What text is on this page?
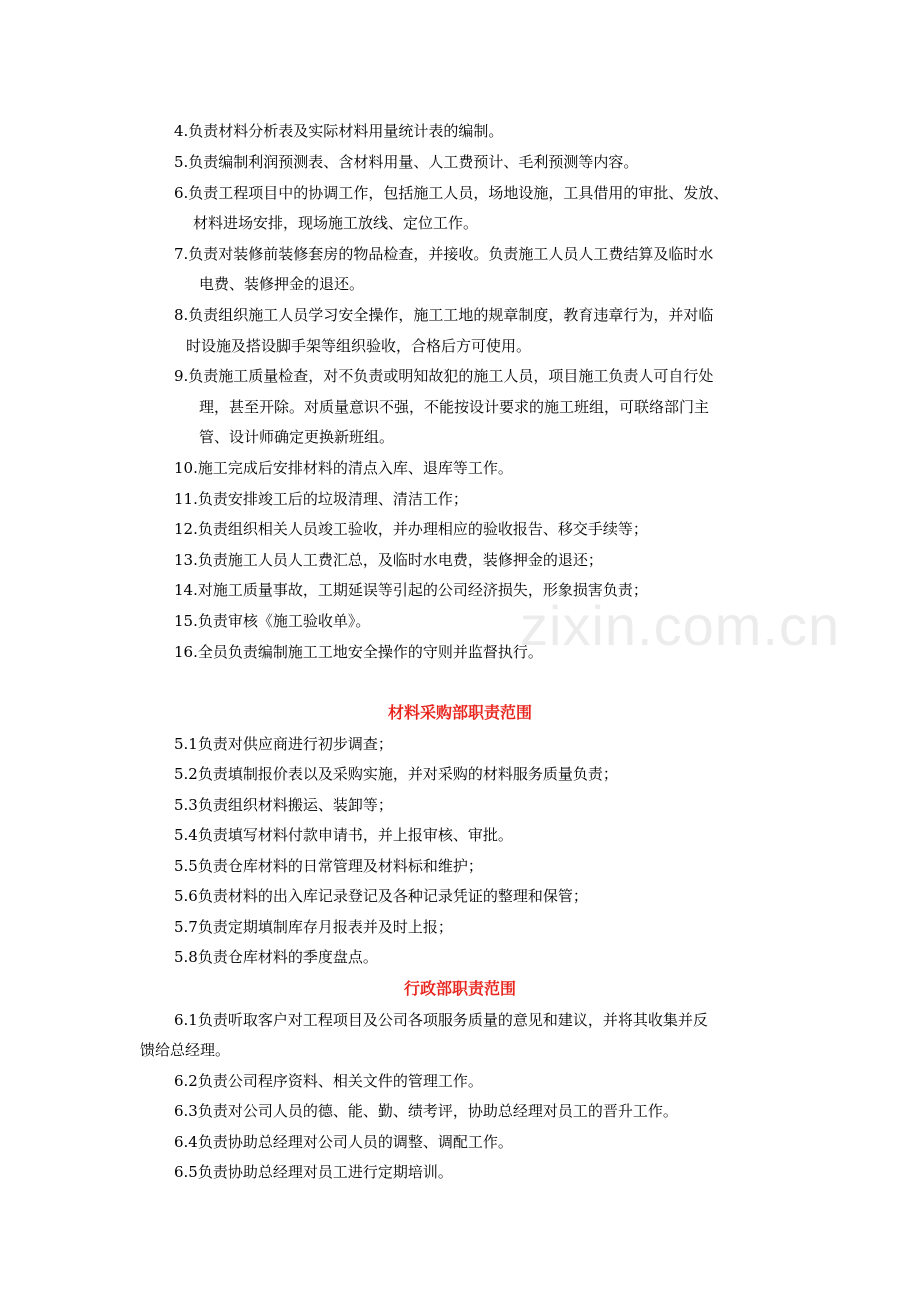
4.负责材料分析表及实际材料用量统计表的编制。
5.负责编制利润预测表、含材料用量、人工费预计、毛利预测等内容。
6.负责工程项目中的协调工作，包括施工人员，场地设施，工具借用的审批、发放、
材料进场安排，现场施工放线、定位工作。
7.负责对装修前装修套房的物品检查，并接收。负责施工人员人工费结算及临时水
电费、装修押金的退还。
8.负责组织施工人员学习安全操作，施工工地的规章制度，教育违章行为，并对临
时设施及搭设脚手架等组织验收，合格后方可使用。
9.负责施工质量检查，对不负责或明知故犯的施工人员，项目施工负责人可自行处
理，甚至开除。对质量意识不强，不能按设计要求的施工班组，可联络部门主
管、设计师确定更换新班组。
10.施工完成后安排材料的清点入库、退库等工作。
11.负责安排竣工后的垃圾清理、清洁工作；
12.负责组织相关人员竣工验收，并办理相应的验收报告、移交手续等；
13.负责施工人员人工费汇总，及临时水电费，装修押金的退还；
14.对施工质量事故，工期延误等引起的公司经济损失，形象损害负责；
15.负责审核《施工验收单》。
16.全员负责编制施工工地安全操作的守则并监督执行。
材料采购部职责范围
5.1负责对供应商进行初步调查；
5.2负责填制报价表以及采购实施，并对采购的材料服务质量负责；
5.3负责组织材料搬运、装卸等；
5.4负责填写材料付款申请书，并上报审核、审批。
5.5负责仓库材料的日常管理及材料标和维护；
5.6负责材料的出入库记录登记及各种记录凭证的整理和保管；
5.7负责定期填制库存月报表并及时上报；
5.8负责仓库材料的季度盘点。
行政部职责范围
6.1负责听取客户对工程项目及公司各项服务质量的意见和建议，并将其收集并反
馈给总经理。
6.2负责公司程序资料、相关文件的管理工作。
6.3负责对公司人员的德、能、勤、绩考评，协助总经理对员工的晋升工作。
6.4负责协助总经理对公司人员的调整、调配工作。
6.5负责协助总经理对员工进行定期培训。
zixin.com.cn
